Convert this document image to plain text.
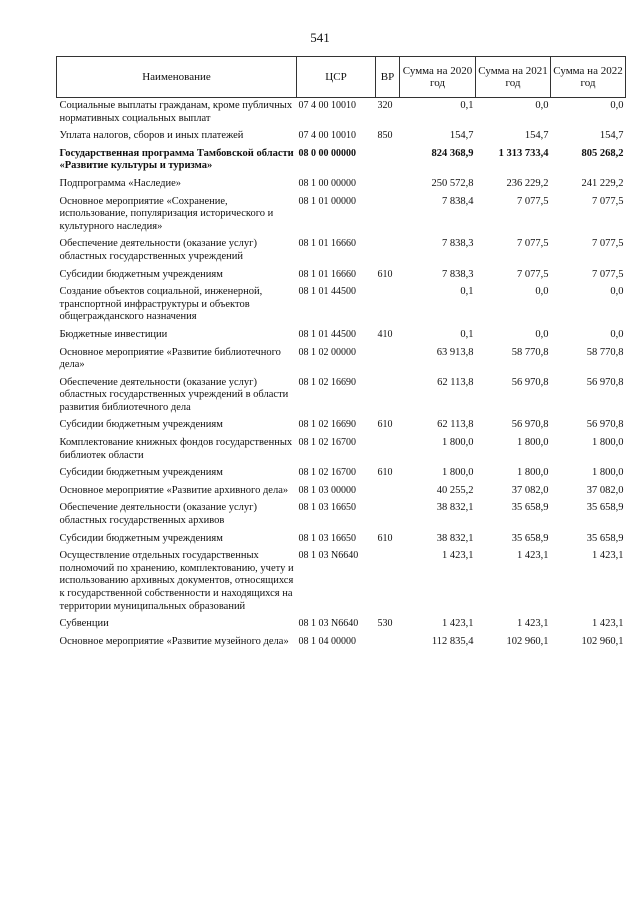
541
Наименование	ЦСР	ВР	Сумма на 2020 год	Сумма на 2021 год	Сумма на 2022 год
Социальные выплаты гражданам, кроме публичных нормативных социальных выплат	07 4 00 10010	320	0,1	0,0	0,0
Уплата налогов, сборов и иных платежей	07 4 00 10010	850	154,7	154,7	154,7
Государственная программа Тамбовской области «Развитие культуры и туризма»	08 0 00 00000		824 368,9	1 313 733,4	805 268,2
Подпрограмма «Наследие»	08 1 00 00000		250 572,8	236 229,2	241 229,2
Основное мероприятие «Сохранение, использование, популяризация исторического и культурного наследия»	08 1 01 00000		7 838,4	7 077,5	7 077,5
Обеспечение деятельности (оказание услуг) областных государственных учреждений	08 1 01 16660		7 838,3	7 077,5	7 077,5
Субсидии бюджетным учреждениям	08 1 01 16660	610	7 838,3	7 077,5	7 077,5
Создание объектов социальной, инженерной, транспортной инфраструктуры и объектов общегражданского назначения	08 1 01 44500		0,1	0,0	0,0
Бюджетные инвестиции	08 1 01 44500	410	0,1	0,0	0,0
Основное мероприятие «Развитие библиотечного дела»	08 1 02 00000		63 913,8	58 770,8	58 770,8
Обеспечение деятельности (оказание услуг) областных государственных учреждений в области развития библиотечного дела	08 1 02 16690		62 113,8	56 970,8	56 970,8
Субсидии бюджетным учреждениям	08 1 02 16690	610	62 113,8	56 970,8	56 970,8
Комплектование книжных фондов государственных библиотек области	08 1 02 16700		1 800,0	1 800,0	1 800,0
Субсидии бюджетным учреждениям	08 1 02 16700	610	1 800,0	1 800,0	1 800,0
Основное мероприятие «Развитие архивного дела»	08 1 03 00000		40 255,2	37 082,0	37 082,0
Обеспечение деятельности (оказание услуг) областных государственных архивов	08 1 03 16650		38 832,1	35 658,9	35 658,9
Субсидии бюджетным учреждениям	08 1 03 16650	610	38 832,1	35 658,9	35 658,9
Осуществление отдельных государственных полномочий по хранению, комплектованию, учету и использованию архивных документов, относящихся к государственной собственности и находящихся на территории муниципальных образований	08 1 03 N6640		1 423,1	1 423,1	1 423,1
Субвенции	08 1 03 N6640	530	1 423,1	1 423,1	1 423,1
Основное мероприятие «Развитие музейного дела»	08 1 04 00000		112 835,4	102 960,1	102 960,1
